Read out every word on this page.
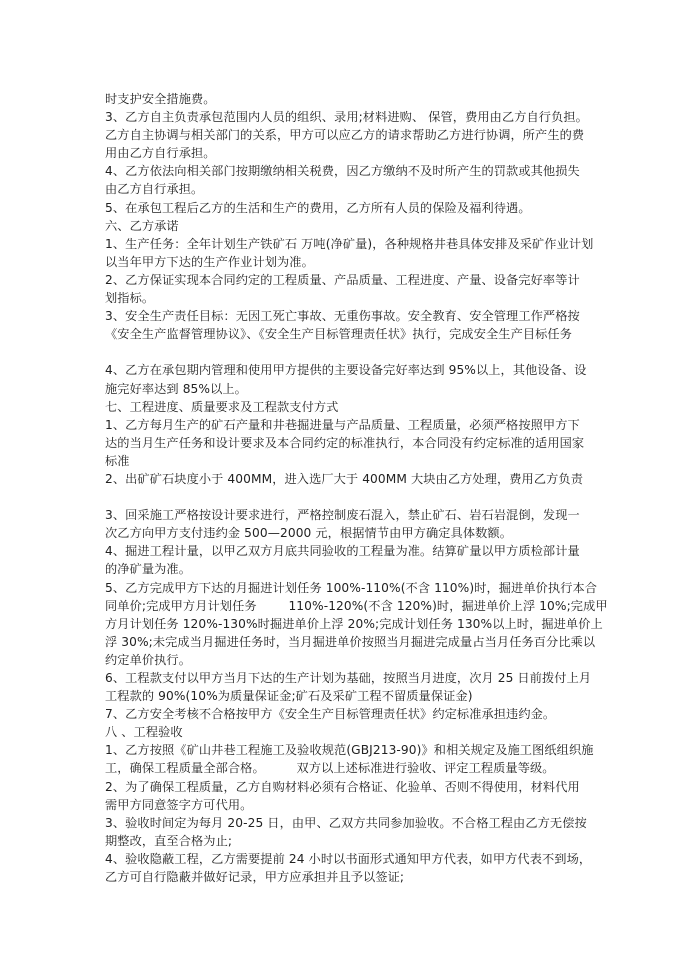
时支护安全措施费。
3、乙方自主负责承包范围内人员的组织、录用;材料进购、 保管，费用由乙方自行负担。
乙方自主协调与相关部门的关系，甲方可以应乙方的请求帮助乙方进行协调，所产生的费
用由乙方自行承担。
4、乙方依法向相关部门按期缴纳相关税费，因乙方缴纳不及时所产生的罚款或其他损失
由乙方自行承担。
5、在承包工程后乙方的生活和生产的费用，乙方所有人员的保险及福利待遇。
六、乙方承诺
1、生产任务：全年计划生产铁矿石 万吨(净矿量)，各种规格井巷具体安排及采矿作业计划
以当年甲方下达的生产作业计划为准。
2、乙方保证实现本合同约定的工程质量、产品质量、工程进度、产量、设备完好率等计
划指标。
3、安全生产责任目标：无因工死亡事故、无重伤事故。安全教育、安全管理工作严格按
《安全生产监督管理协议》、《安全生产目标管理责任状》执行，完成安全生产目标任务
4、乙方在承包期内管理和使用甲方提供的主要设备完好率达到 95%以上，其他设备、设
施完好率达到 85%以上。
七、工程进度、质量要求及工程款支付方式
1、乙方每月生产的矿石产量和井巷掘进量与产品质量、工程质量，必须严格按照甲方下
达的当月生产任务和设计要求及本合同约定的标准执行，本合同没有约定标准的适用国家
标准
2、出矿矿石块度小于 400MM，进入选厂大于 400MM 大块由乙方处理，费用乙方负责
3、回采施工严格按设计要求进行，严格控制废石混入，禁止矿石、岩石岩混倒，发现一
次乙方向甲方支付违约金 500—2000 元，根据情节由甲方确定具体数额。
4、掘进工程计量，以甲乙双方月底共同验收的工程量为准。结算矿量以甲方质检部计量
的净矿量为准。
5、乙方完成甲方下达的月掘进计划任务 100%-110%(不含 110%)时，掘进单价执行本合
同单价;完成甲方月计划任务        110%-120%(不含 120%)时，掘进单价上浮 10%;完成甲
方月计划任务 120%-130%时掘进单价上浮 20%;完成计划任务 130%以上时，掘进单价上
浮 30%;未完成当月掘进任务时，当月掘进单价按照当月掘进完成量占当月任务百分比乘以
约定单价执行。
6、工程款支付以甲方当月下达的生产计划为基础，按照当月进度，次月 25 日前拨付上月
工程款的 90%(10%为质量保证金;矿石及采矿工程不留质量保证金)
7、乙方安全考核不合格按甲方《安全生产目标管理责任状》约定标准承担违约金。
八 、工程验收
1、乙方按照《矿山井巷工程施工及验收规范(GBJ213-90)》和相关规定及施工图纸组织施
工，确保工程质量全部合格。        双方以上述标准进行验收、评定工程质量等级。
2、为了确保工程质量，乙方自购材料必须有合格证、化验单、否则不得使用，材料代用
需甲方同意签字方可代用。
3、验收时间定为每月 20-25 日，由甲、乙双方共同参加验收。不合格工程由乙方无偿按
期整改，直至合格为止;
4、验收隐蔽工程，乙方需要提前 24 小时以书面形式通知甲方代表，如甲方代表不到场，
乙方可自行隐蔽并做好记录，甲方应承担并且予以签证;
